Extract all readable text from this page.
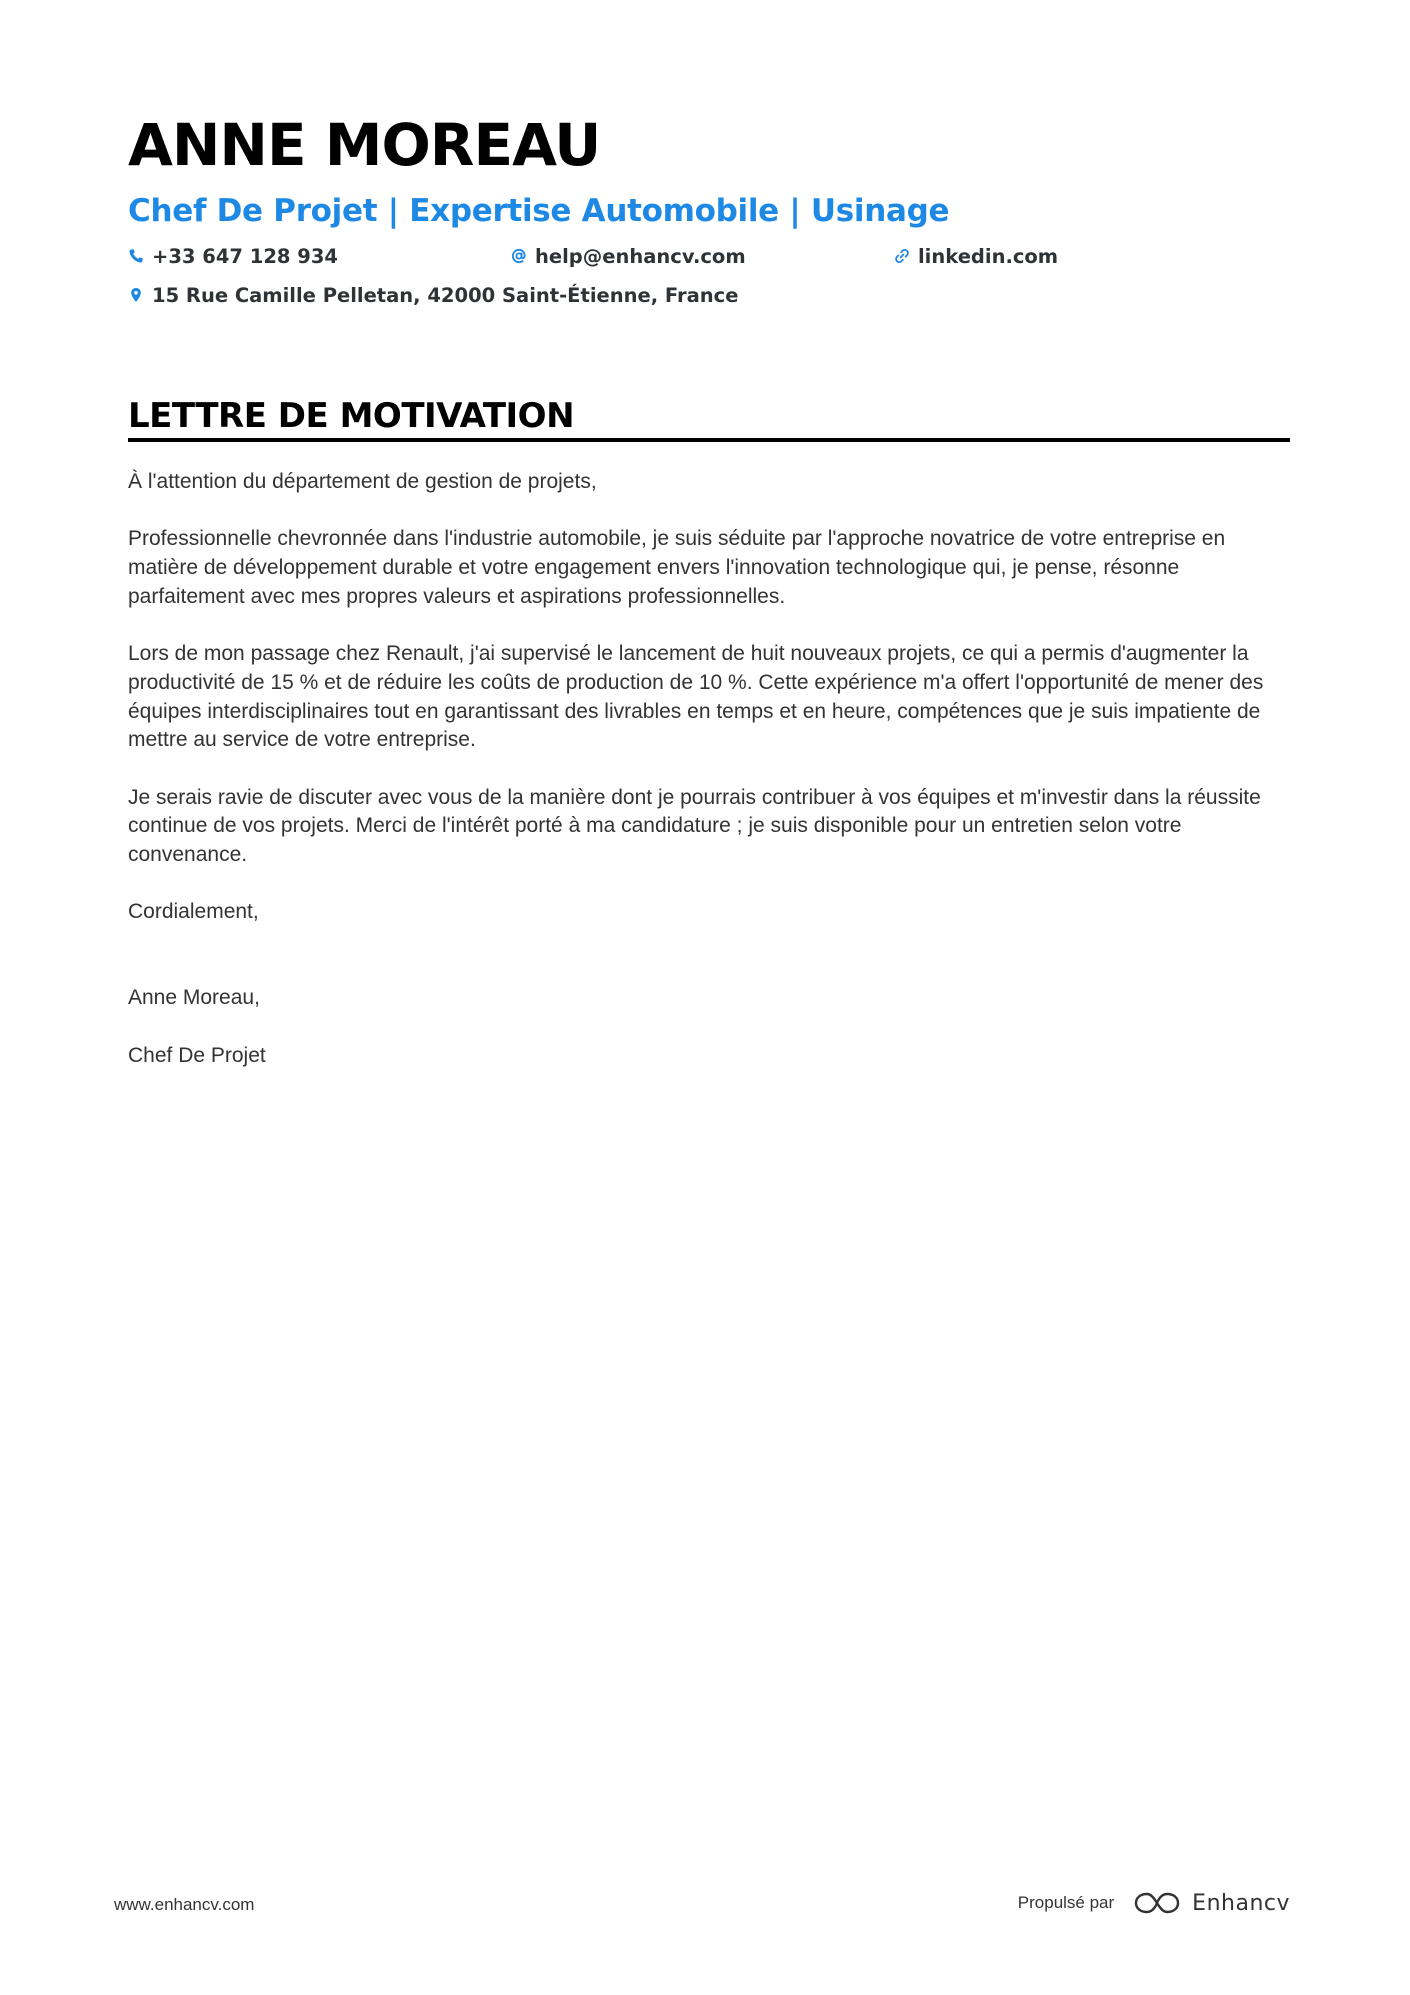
ANNE MOREAU
Chef De Projet | Expertise Automobile | Usinage
+33 647 128 934	help@enhancv.com	linkedin.com
15 Rue Camille Pelletan, 42000 Saint-Étienne, France
LETTRE DE MOTIVATION

À l'attention du département de gestion de projets,

Professionnelle chevronnée dans l'industrie automobile, je suis séduite par l'approche novatrice de votre entreprise en matière de développement durable et votre engagement envers l'innovation technologique qui, je pense, résonne parfaitement avec mes propres valeurs et aspirations professionnelles.

Lors de mon passage chez Renault, j'ai supervisé le lancement de huit nouveaux projets, ce qui a permis d'augmenter la productivité de 15 % et de réduire les coûts de production de 10 %. Cette expérience m'a offert l'opportunité de mener des équipes interdisciplinaires tout en garantissant des livrables en temps et en heure, compétences que je suis impatiente de mettre au service de votre entreprise.

Je serais ravie de discuter avec vous de la manière dont je pourrais contribuer à vos équipes et m'investir dans la réussite continue de vos projets. Merci de l'intérêt porté à ma candidature ; je suis disponible pour un entretien selon votre convenance.

Cordialement,

Anne Moreau,

Chef De Projet

www.enhancv.com	Propulsé par	Enhancv
